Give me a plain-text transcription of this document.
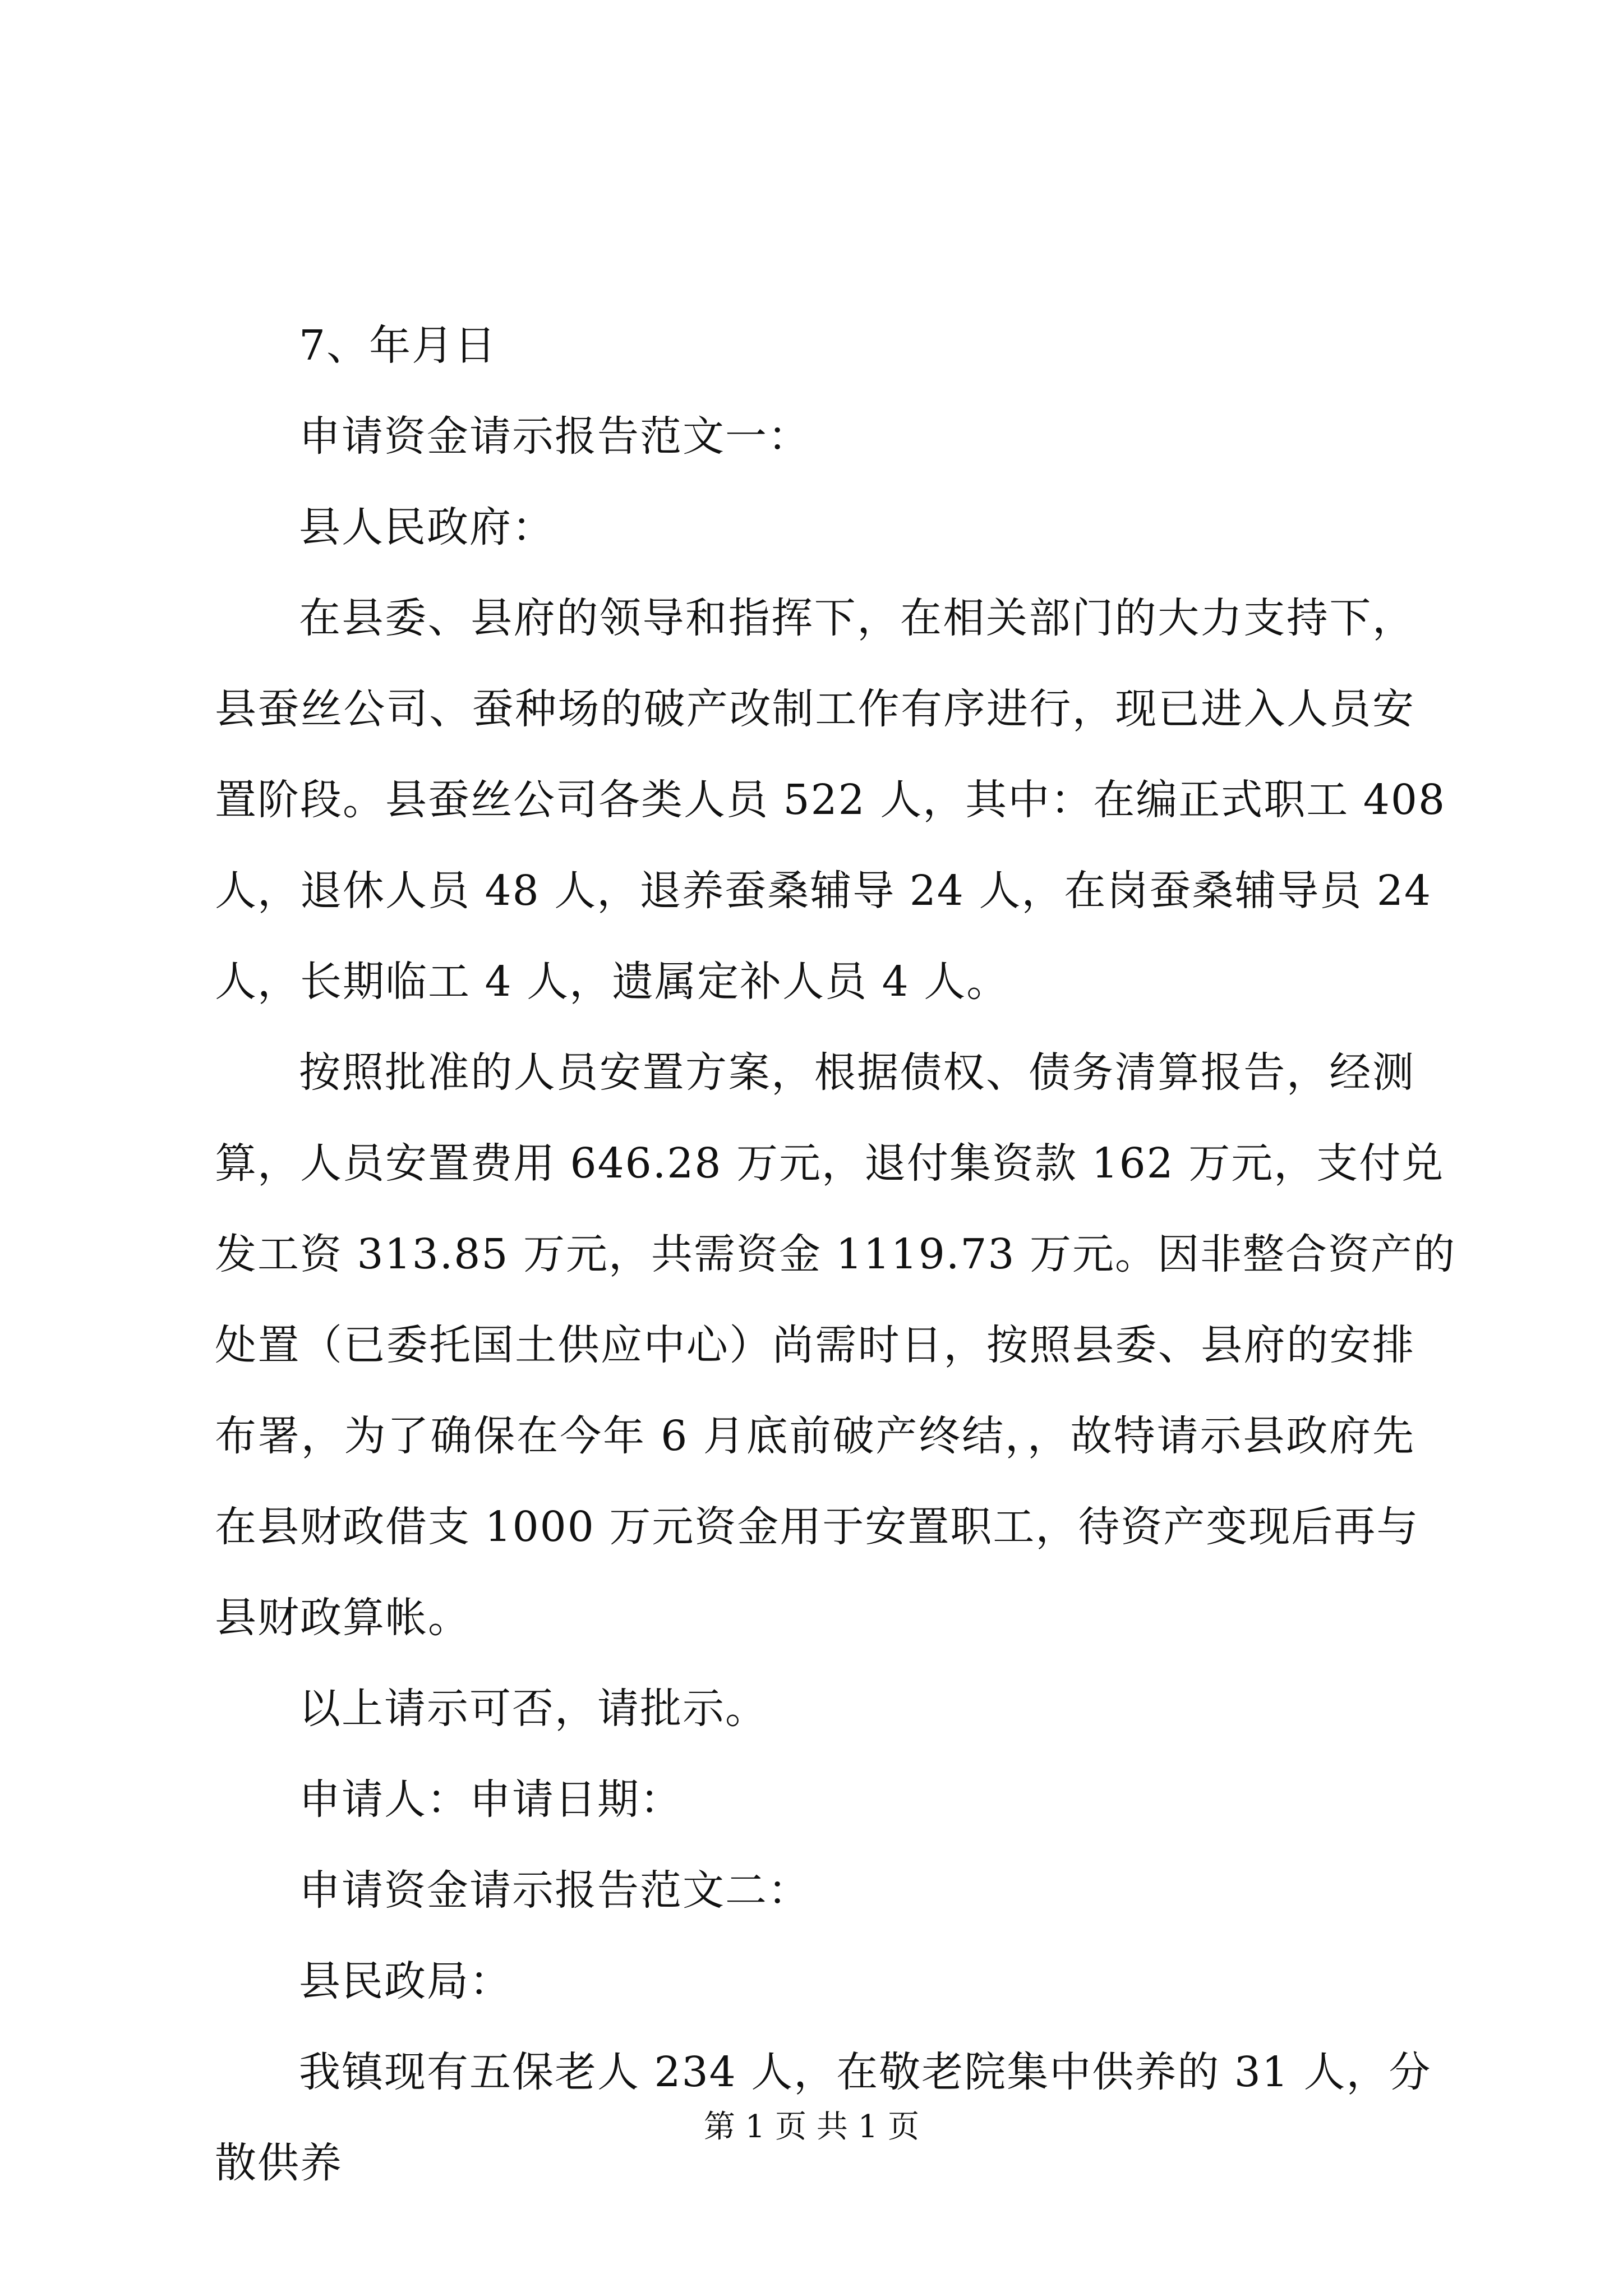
7、年月日
申请资金请示报告范文一：
县人民政府：
在县委、县府的领导和指挥下，在相关部门的大力支持下，
县蚕丝公司、蚕种场的破产改制工作有序进行，现已进入人员安
置阶段。县蚕丝公司各类人员 522 人，其中：在编正式职工 408
人，退休人员 48 人，退养蚕桑辅导 24 人，在岗蚕桑辅导员 24
人，长期临工 4 人，遗属定补人员 4 人。
按照批准的人员安置方案，根据债权、债务清算报告，经测
算，人员安置费用 646.28 万元，退付集资款 162 万元，支付兑
发工资 313.85 万元，共需资金 1119.73 万元。因非整合资产的
处置（已委托国土供应中心）尚需时日，按照县委、县府的安排
布署，为了确保在今年 6 月底前破产终结，，故特请示县政府先
在县财政借支 1000 万元资金用于安置职工，待资产变现后再与
县财政算帐。
以上请示可否，请批示。
申请人：申请日期：
申请资金请示报告范文二：
县民政局：
我镇现有五保老人 234 人，在敬老院集中供养的 31 人，分
散供养
第 1 页 共 1 页
